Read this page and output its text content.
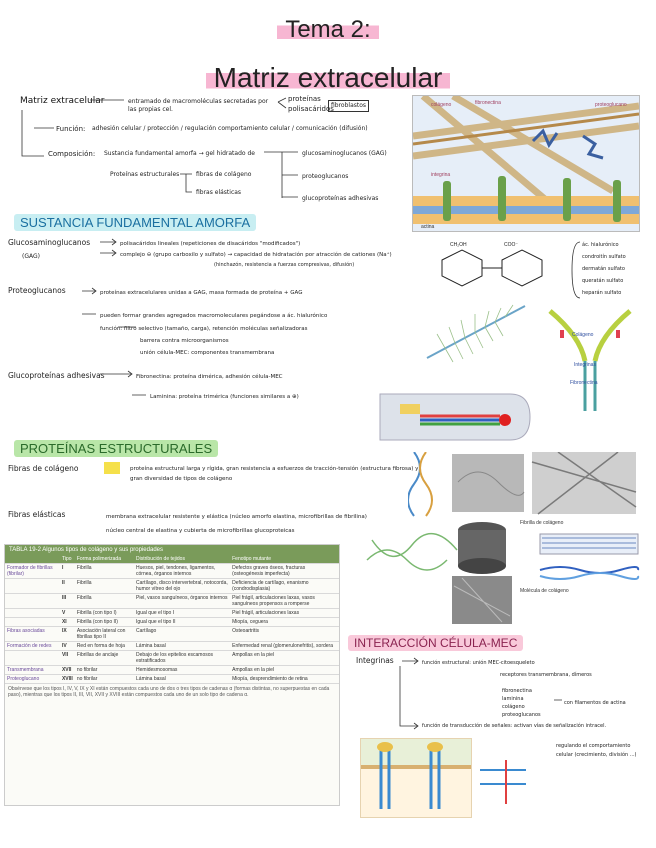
Tema 2:
Matriz extracelular
Matriz extracelular	entramado de macromoléculas secretadas por las propias cel.
proteínas
polisacáridos
fibroblastos
Función: adhesión celular / protección / regulación comportamiento celular / comunicación (difusión)
Composición: Sustancia fundamental amorfa → gel hidratado de	glucosaminoglucanos (GAG)
proteoglucanos
glucoproteínas adhesivas
Proteínas estructurales	fibras de colágeno
fibras elásticas
colágeno	fibronectina	proteoglucano
integrina
actina
SUSTANCIA FUNDAMENTAL AMORFA
Glucosaminoglucanos
(GAG)
polisacáridos lineales (repeticiones de disacáridos "modificados")
complejo ⊖ (grupo carboxilo y sulfato) → capacidad de hidratación por atracción de cationes (Na⁺)
(hinchazón, resistencia a fuerzas compresivas, difusión)
Proteoglucanos	proteínas extracelulares unidas a GAG, masa formada de proteína + GAG
pueden formar grandes agregados macromoleculares pegándose a ác. hialurónico
función: filtro selectivo (tamaño, carga), retención moléculas señalizadoras
barrera contra microorganismos
unión célula-MEC: componentes transmembrana
Glucoproteínas adhesivas	Fibronectina: proteína dimérica, adhesión célula-MEC
Laminina: proteína trimérica (funciones similares a ⊕)
CH₂OH	COO⁻	ác. hialurónico
condroitín sulfato
dermatán sulfato
queratán sulfato
heparán sulfato
Colágeno
Integrinas
Fibronectina
PROTEÍNAS ESTRUCTURALES
Fibras de colágeno	proteína estructural larga y rígida, gran resistencia a esfuerzos de tracción-tensión (estructura fibrosa) y gran diversidad de tipos de colágeno
Fibras elásticas	membrana extracelular resistente y elástica (núcleo amorfo elastina, microfibrillas de fibrilina)
núcleo central de elastina y cubierta de microfibrillas glucoproteicas
Fibrilla de colágeno
Molécula de colágeno
TABLA 19-2 Algunos tipos de colágeno y sus propiedades
	Tipo	Forma polimerizada	Distribución de tejidos	Fenotipo mutante
Formador de fibrillas (fibrilar)	I	Fibrilla	Huesos, piel, tendones, ligamentos, córnea, órganos internos	Defectos graves óseos, fracturas (osteogénesis imperfecta)
	II	Fibrilla	Cartílago, disco intervertebral, notocorda, humor vítreo del ojo	Deficiencia de cartílago, enanismo (condrodisplasia)
	III	Fibrilla	Piel, vasos sanguíneos, órganos internos	Piel frágil, articulaciones laxas, vasos sanguíneos propensos a romperse
	V	Fibrilla (con tipo I)	Igual que el tipo I	Piel frágil, articulaciones laxas
	XI	Fibrilla (con tipo II)	Igual que el tipo II	Miopía, ceguera
Fibras asociadas	IX	Asociación lateral con fibrillas tipo II	Cartílago	Osteoartritis
Formación de redes	IV	Red en forma de hoja	Lámina basal	Enfermedad renal (glomerulonefritis), sordera
	VII	Fibrillas de anclaje	Debajo de los epitelios escamosos estratificados	Ampollas en la piel
Transmembrana	XVII	no fibrilar	Hemidesmosomas	Ampollas en la piel
Proteoglucano	XVIII	no fibrilar	Lámina basal	Miopía, desprendimiento de retina
Obsérvese que los tipos I, IV, V, IX y XI están compuestos cada uno de dos o tres tipos de cadenas α (formas distintas, no superpuestas en cada paso), mientras que los tipos II, III, VII, XVII y XVIII están compuestos cada uno de un solo tipo de cadena α.
INTERACCIÓN CÉLULA-MEC
Integrinas	función estructural: unión MEC-citoesqueleto
receptores transmembrana, dímeros
fibronectina
laminina
colágeno
proteoglucanos
con filamentos de actina
función de transducción de señales: activan vías de señalización intracel.
regulando el comportamiento celular (crecimiento, división ...)
